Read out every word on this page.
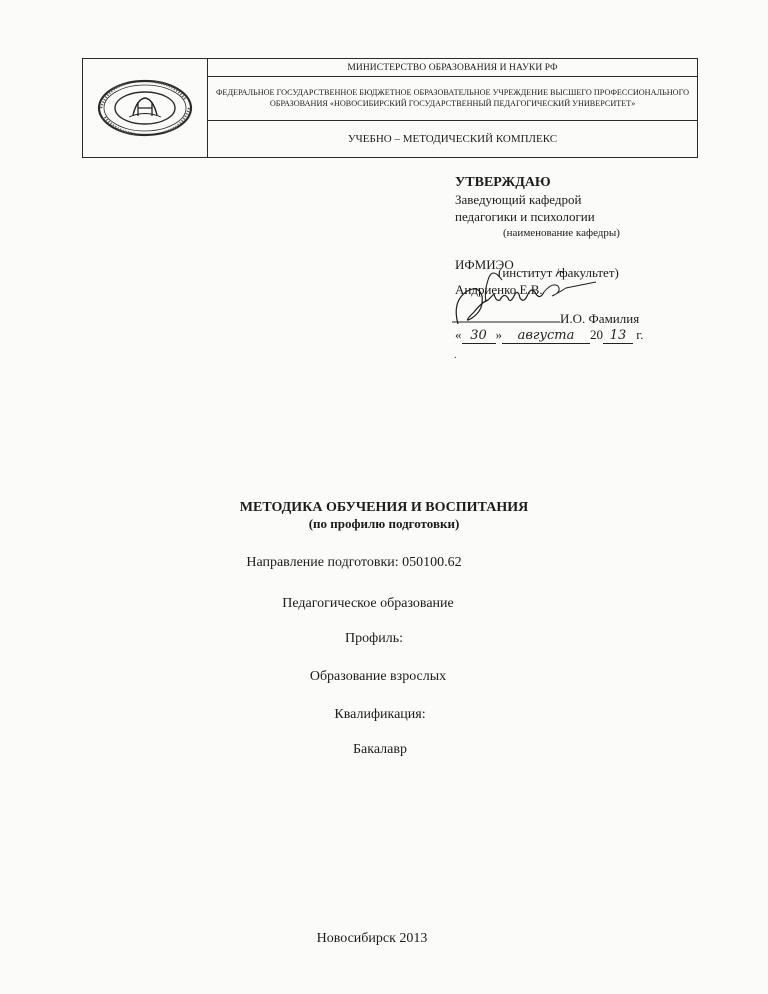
МИНИСТЕРСТВО ОБРАЗОВАНИЯ И НАУКИ РФ
ФЕДЕРАЛЬНОЕ ГОСУДАРСТВЕННОЕ БЮДЖЕТНОЕ ОБРАЗОВАТЕЛЬНОЕ УЧРЕЖДЕНИЕ ВЫСШЕГО ПРОФЕССИОНАЛЬНОГО ОБРАЗОВАНИЯ «НОВОСИБИРСКИЙ ГОСУДАРСТВЕННЫЙ ПЕДАГОГИЧЕСКИЙ УНИВЕРСИТЕТ»
УЧЕБНО – МЕТОДИЧЕСКИЙ КОМПЛЕКС
УТВЕРЖДАЮ
Заведующий кафедрой
педагогики и психологии
(наименование кафедры)
ИФМИЭО
(институт /факультет)
Андриенко Е.В.
И.О. Фамилия
« 30 » августа 20 13 г.
.
МЕТОДИКА ОБУЧЕНИЯ И ВОСПИТАНИЯ
(по профилю подготовки)
Направление подготовки: 050100.62
Педагогическое образование
Профиль:
Образование взрослых
Квалификация:
Бакалавр
Новосибирск 2013
